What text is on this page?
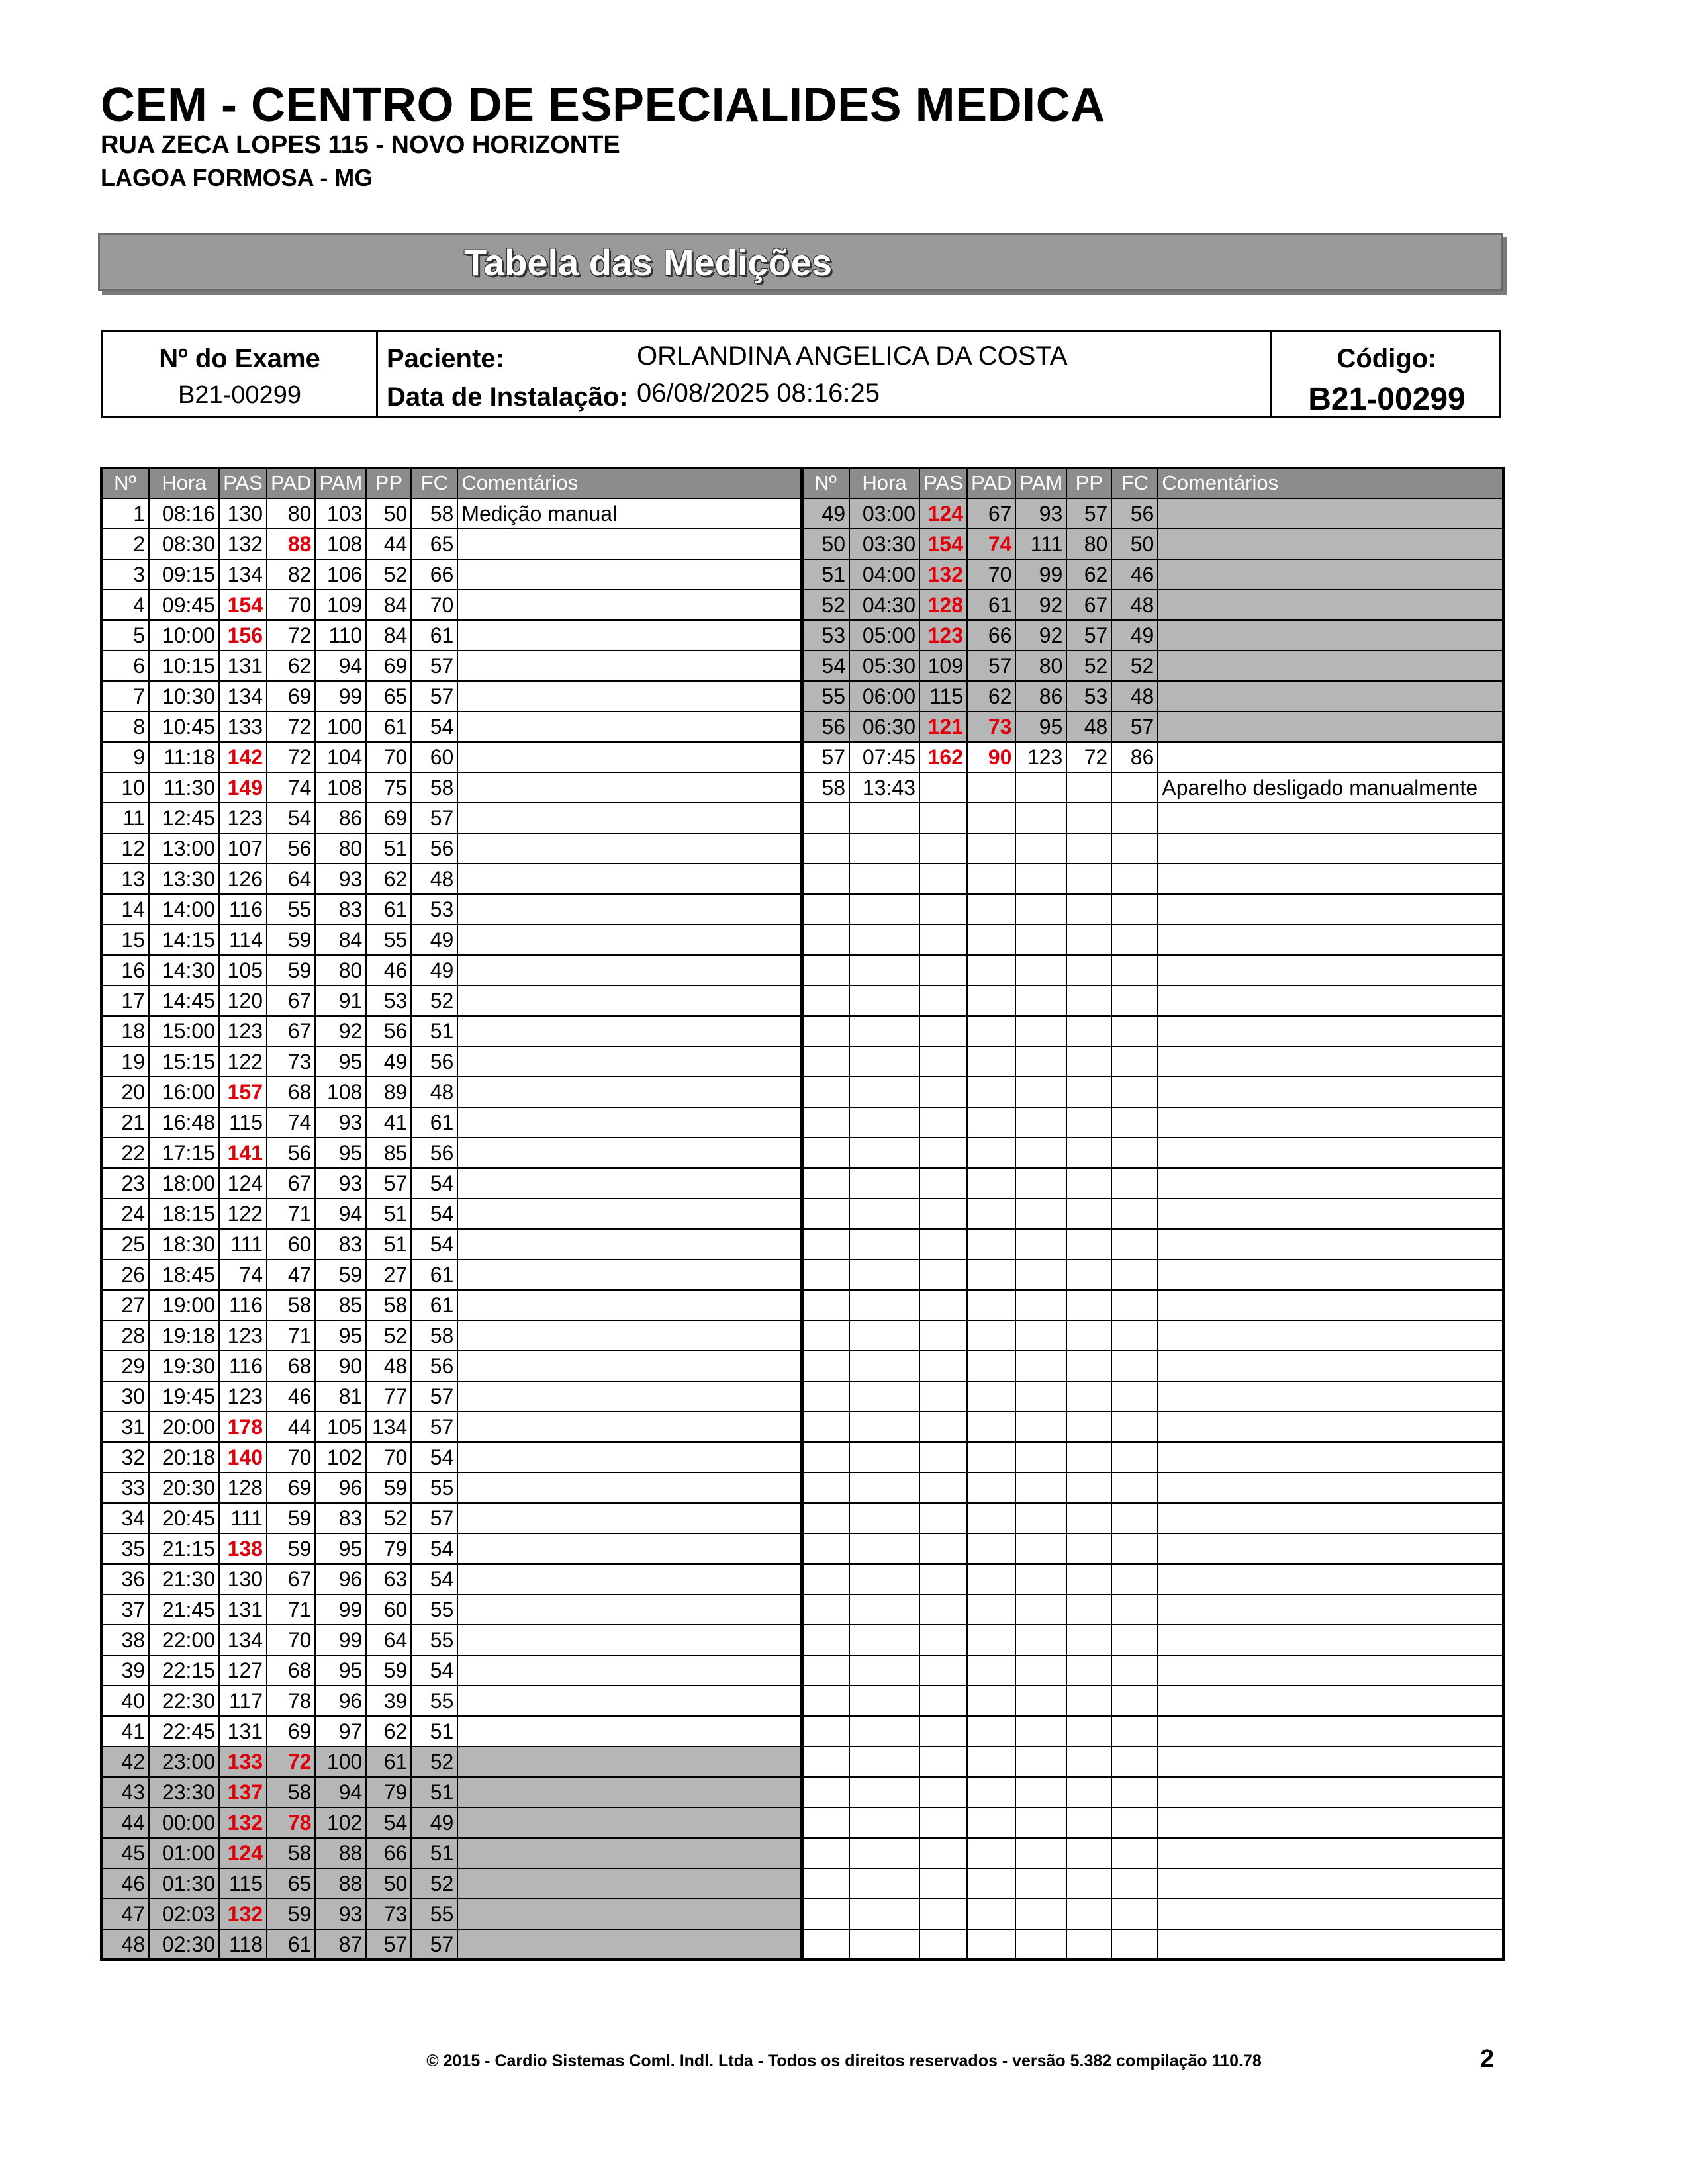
CEM - CENTRO DE ESPECIALIDES MEDICA
RUA ZECA LOPES 115 - NOVO HORIZONTE
LAGOA FORMOSA - MG
Tabela das Medições
Nº do Exame
B21-00299
Paciente:	ORLANDINA ANGELICA DA COSTA
Data de Instalação: 06/08/2025 08:16:25
Código:
B21-00299
Nº	Hora	PAS	PAD	PAM	PP	FC	Comentários
1	08:16	130	80	103	50	58	Medição manual
2	08:30	132	88	108	44	65	
3	09:15	134	82	106	52	66	
4	09:45	154	70	109	84	70	
5	10:00	156	72	110	84	61	
6	10:15	131	62	94	69	57	
7	10:30	134	69	99	65	57	
8	10:45	133	72	100	61	54	
9	11:18	142	72	104	70	60	
10	11:30	149	74	108	75	58	
11	12:45	123	54	86	69	57	
12	13:00	107	56	80	51	56	
13	13:30	126	64	93	62	48	
14	14:00	116	55	83	61	53	
15	14:15	114	59	84	55	49	
16	14:30	105	59	80	46	49	
17	14:45	120	67	91	53	52	
18	15:00	123	67	92	56	51	
19	15:15	122	73	95	49	56	
20	16:00	157	68	108	89	48	
21	16:48	115	74	93	41	61	
22	17:15	141	56	95	85	56	
23	18:00	124	67	93	57	54	
24	18:15	122	71	94	51	54	
25	18:30	111	60	83	51	54	
26	18:45	74	47	59	27	61	
27	19:00	116	58	85	58	61	
28	19:18	123	71	95	52	58	
29	19:30	116	68	90	48	56	
30	19:45	123	46	81	77	57	
31	20:00	178	44	105	134	57	
32	20:18	140	70	102	70	54	
33	20:30	128	69	96	59	55	
34	20:45	111	59	83	52	57	
35	21:15	138	59	95	79	54	
36	21:30	130	67	96	63	54	
37	21:45	131	71	99	60	55	
38	22:00	134	70	99	64	55	
39	22:15	127	68	95	59	54	
40	22:30	117	78	96	39	55	
41	22:45	131	69	97	62	51	
42	23:00	133	72	100	61	52	
43	23:30	137	58	94	79	51	
44	00:00	132	78	102	54	49	
45	01:00	124	58	88	66	51	
46	01:30	115	65	88	50	52	
47	02:03	132	59	93	73	55	
48	02:30	118	61	87	57	57	
Nº	Hora	PAS	PAD	PAM	PP	FC	Comentários
49	03:00	124	67	93	57	56	
50	03:30	154	74	111	80	50	
51	04:00	132	70	99	62	46	
52	04:30	128	61	92	67	48	
53	05:00	123	66	92	57	49	
54	05:30	109	57	80	52	52	
55	06:00	115	62	86	53	48	
56	06:30	121	73	95	48	57	
57	07:45	162	90	123	72	86	
58	13:43						Aparelho desligado manualmente

© 2015 - Cardio Sistemas Coml. Indl. Ltda - Todos os direitos reservados - versão 5.382 compilação 110.78	2
